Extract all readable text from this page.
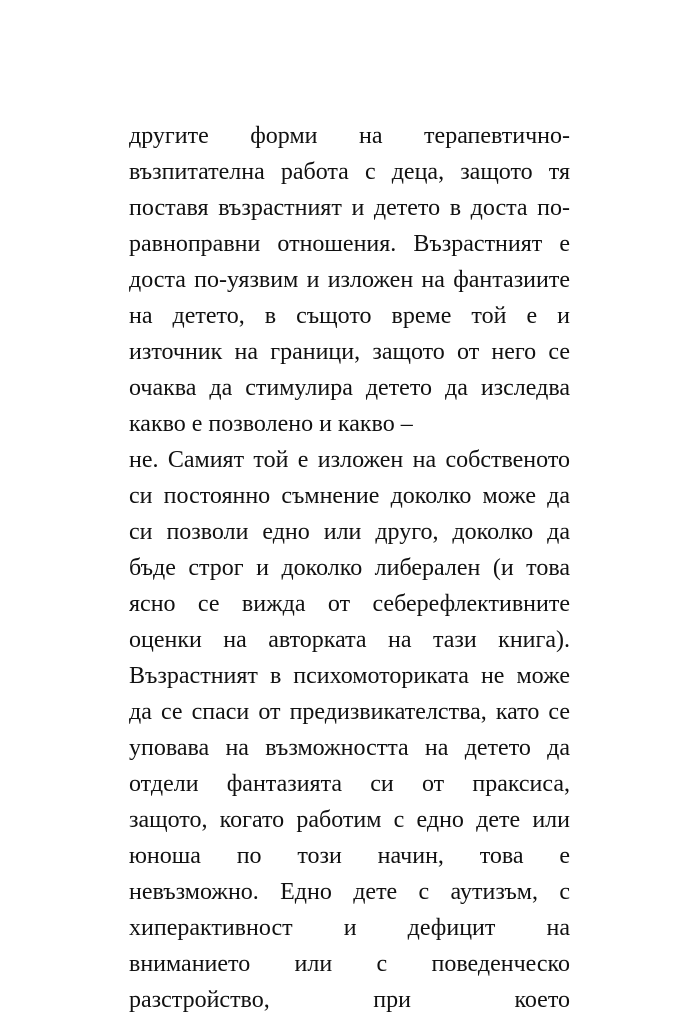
другите форми на терапевтично-
възпитателна работа с деца, защото тя
поставя възрастният и детето в доста по-
равноправни отношения. Възрастният е
доста по-уязвим и изложен на фантазиите
на детето, в същото време той е и
източник на граници, защото от него се
очаква да стимулира детето да изследва
какво е позволено и какво –
не. Самият той е изложен на собственото
си постоянно съмнение доколко може да
си позволи едно или друго, доколко да
бъде строг и доколко либерален (и това
ясно се вижда от себерефлективните
оценки на авторката на тази книга).
Възрастният в психомоториката не може
да се спаси от предизвикателства, като се
уповава на възможността на детето да
отдели фантазията си от праксиса,
защото, когато работим с едно дете или
юноша по този начин, това е
невъзможно. Едно дете с аутизъм, с
хиперактивност и дефицит на
вниманието или с поведенческо
разстройство, при което
